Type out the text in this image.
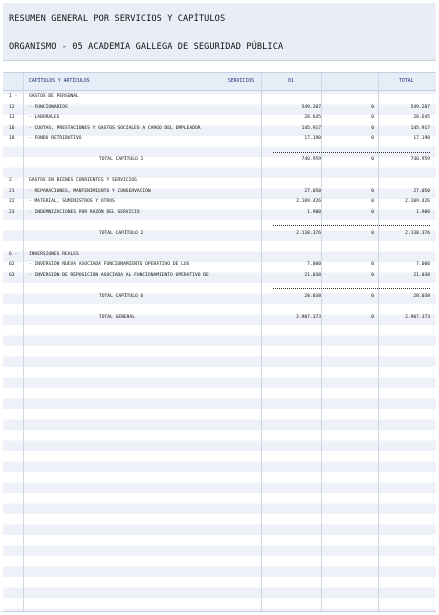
RESUMEN GENERAL POR SERVICIOS Y CAPÍTULOS
ORGANISMO - 05 ACADEMIA GALLEGA DE SEGURIDAD PÚBLICA
CAPÍTULOS Y ARTÍCULOS	SERVICIOS	01	TOTAL
1 -	GASTOS DE PERSONAL
12	- FUNCIONARIOS	549.207	0	549.207
13	- LABORALES	28.645	0	28.645
16	- CUOTAS, PRESTACIONES Y GASTOS SOCIALES A CARGO DEL EMPLEADOR	145.917	0	145.917
18	- FONDO RETRIBUTIVO	17.190	0	17.190
TOTAL CAPÍTULO 1	740.959	0	740.959
2 -	GASTOS EN BIENES CORRIENTES Y SERVICIOS
21	- REPARACIONES, MANTENIMIENTO Y CONSERVACIÓN	27.050	0	27.050
22	- MATERIAL, SUMINISTROS Y OTROS	2.109.426	0	2.109.426
23	- INDEMNIZACIONES POR RAZÓN DEL SERVICIO	1.900	0	1.900
TOTAL CAPÍTULO 2	2.138.376	0	2.138.376
6 -	INVERSIONES REALES
62	- INVERSIÓN NUEVA ASOCIADA FUNCIONAMIENTO OPERATIVO DE LOS	7.000	0	7.000
63	- INVERSIÓN DE REPOSICIÓN ASOCIADA AL FUNCIONAMIENTO OPERATIVO DE	21.038	0	21.038
TOTAL CAPÍTULO 6	28.038	0	28.038
TOTAL GENERAL	2.907.373	0	2.907.373
